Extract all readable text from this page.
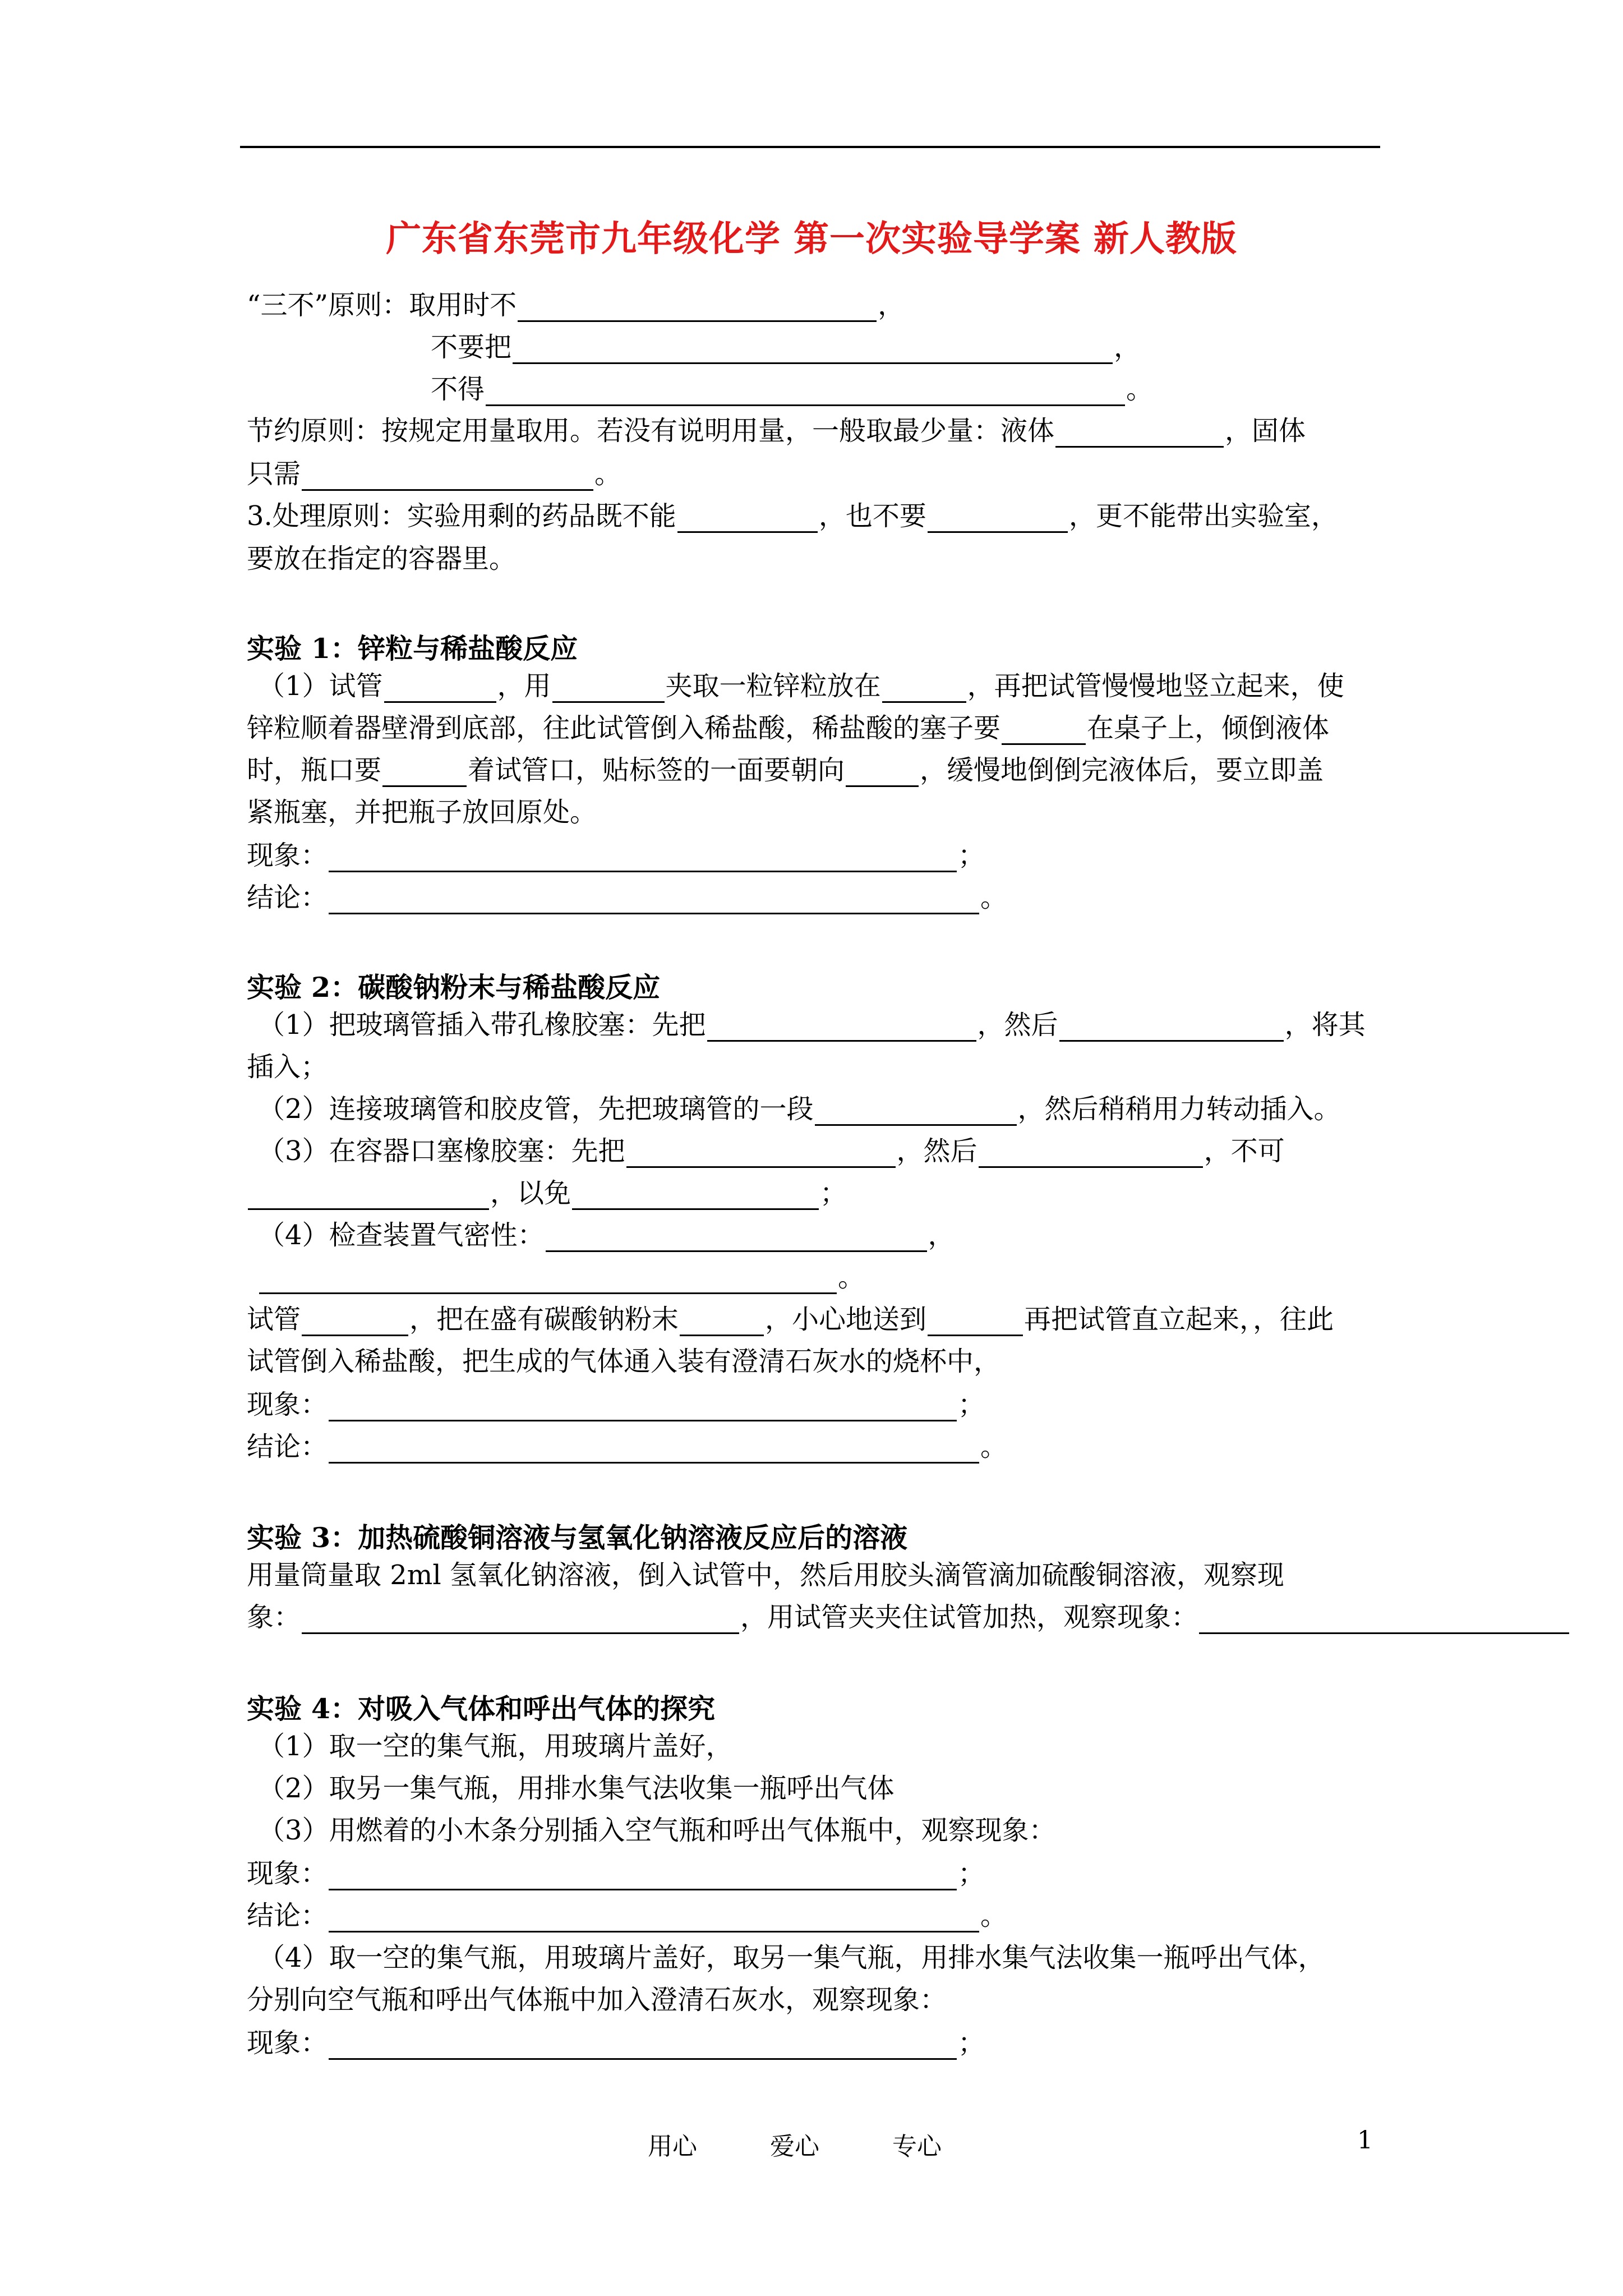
广东省东莞市九年级化学 第一次实验导学案 新人教版
“三不”原则：取用时不	，
不要把	，
不得	。
节约原则：按规定用量取用。若没有说明用量，一般取最少量：液体	，固体
只需	。
3.处理原则：实验用剩的药品既不能	，也不要	，更不能带出实验室，
要放在指定的容器里。
实验 1：锌粒与稀盐酸反应
（1）试管	，用	夹取一粒锌粒放在	，再把试管慢慢地竖立起来，使
锌粒顺着器壁滑到底部，往此试管倒入稀盐酸，稀盐酸的塞子要	在桌子上，倾倒液体
时，瓶口要	着试管口，贴标签的一面要朝向	，缓慢地倒倒完液体后，要立即盖
紧瓶塞，并把瓶子放回原处。
现象：	；
结论：	。
实验 2：碳酸钠粉末与稀盐酸反应
（1）把玻璃管插入带孔橡胶塞：先把	，然后	，将其
插入；
（2）连接玻璃管和胶皮管，先把玻璃管的一段	，然后稍稍用力转动插入。
（3）在容器口塞橡胶塞：先把	，然后	，不可
，以免	；
（4）检查装置气密性：	，
。
试管	，把在盛有碳酸钠粉末	，小心地送到	再把试管直立起来，，往此
试管倒入稀盐酸，把生成的气体通入装有澄清石灰水的烧杯中，
现象：	；
结论：	。
实验 3：加热硫酸铜溶液与氢氧化钠溶液反应后的溶液
用量筒量取 2ml 氢氧化钠溶液，倒入试管中，然后用胶头滴管滴加硫酸铜溶液，观察现
象：	，用试管夹夹住试管加热，观察现象：
实验 4：对吸入气体和呼出气体的探究
（1）取一空的集气瓶，用玻璃片盖好，
（2）取另一集气瓶，用排水集气法收集一瓶呼出气体
（3）用燃着的小木条分别插入空气瓶和呼出气体瓶中，观察现象：
现象：	；
结论：	。
（4）取一空的集气瓶，用玻璃片盖好，取另一集气瓶，用排水集气法收集一瓶呼出气体，
分别向空气瓶和呼出气体瓶中加入澄清石灰水，观察现象：
现象：	；
用心	爱心	专心	1
